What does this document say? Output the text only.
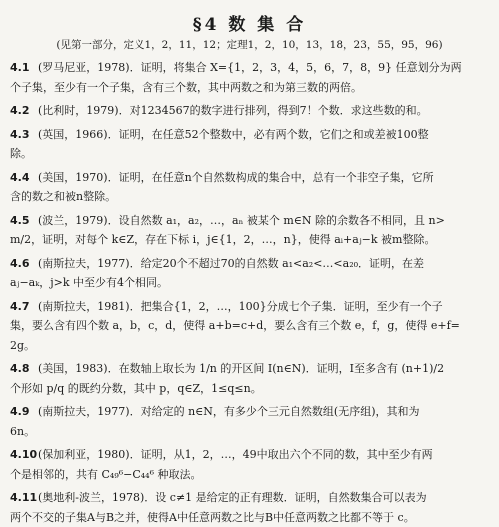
§4 数 集 合
(见第一部分，定义1，2，11，12；定理1，2，10，13，18，23，55，95，96)
4.1 (罗马尼亚，1978)．证明，将集合 X={1，2，3，4，5，6，7，8，9} 任意划分为两
个子集，至少有一个子集，含有三个数，其中两数之和为第三数的两倍。
4.2 (比利时，1979)．对1234567的数字进行排列，得到7！个数．求这些数的和。
4.3 (英国，1966)．证明，在任意52个整数中，必有两个数，它们之和或差被100整
除。
4.4 (美国，1970)．证明，在任意n个自然数构成的集合中，总有一个非空子集，它所
含的数之和被n整除。
4.5 (波兰，1979)．设自然数 a₁，a₂，…，aₙ 被某个 m∈N 除的余数各不相同，且 n>
m/2，证明，对每个 k∈Z，存在下标 i，j∈{1，2，…，n}，使得 aᵢ+aⱼ−k 被m整除。
4.6 (南斯拉夫，1977)．给定20个不超过70的自然数 a₁<a₂<…<a₂₀．证明，在差
aⱼ−aₖ，j>k 中至少有4个相同。
4.7 (南斯拉夫，1981)．把集合{1，2，…，100}分成七个子集．证明，至少有一个子
集，要么含有四个数 a，b，c，d，使得 a+b=c+d，要么含有三个数 e，f，g，使得 e+f=
2g。
4.8 (美国，1983)．在数轴上取长为 1/n 的开区间 I(n∈N)．证明，I至多含有 (n+1)/2
个形如 p/q 的既约分数，其中 p，q∈Z，1≤q≤n。
4.9 (南斯拉夫，1977)．对给定的 n∈N，有多少个三元自然数组(无序组)，其和为
6n。
4.10(保加利亚，1980)．证明，从1，2，…，49中取出六个不同的数，其中至少有两
个是相邻的，共有 C₄₉⁶−C₄₄⁶ 种取法。
4.11(奥地利-波兰，1978)．设 c≠1 是给定的正有理数．证明，自然数集合可以表为
两个不交的子集A与B之并，使得A中任意两数之比与B中任意两数之比都不等于 c。
